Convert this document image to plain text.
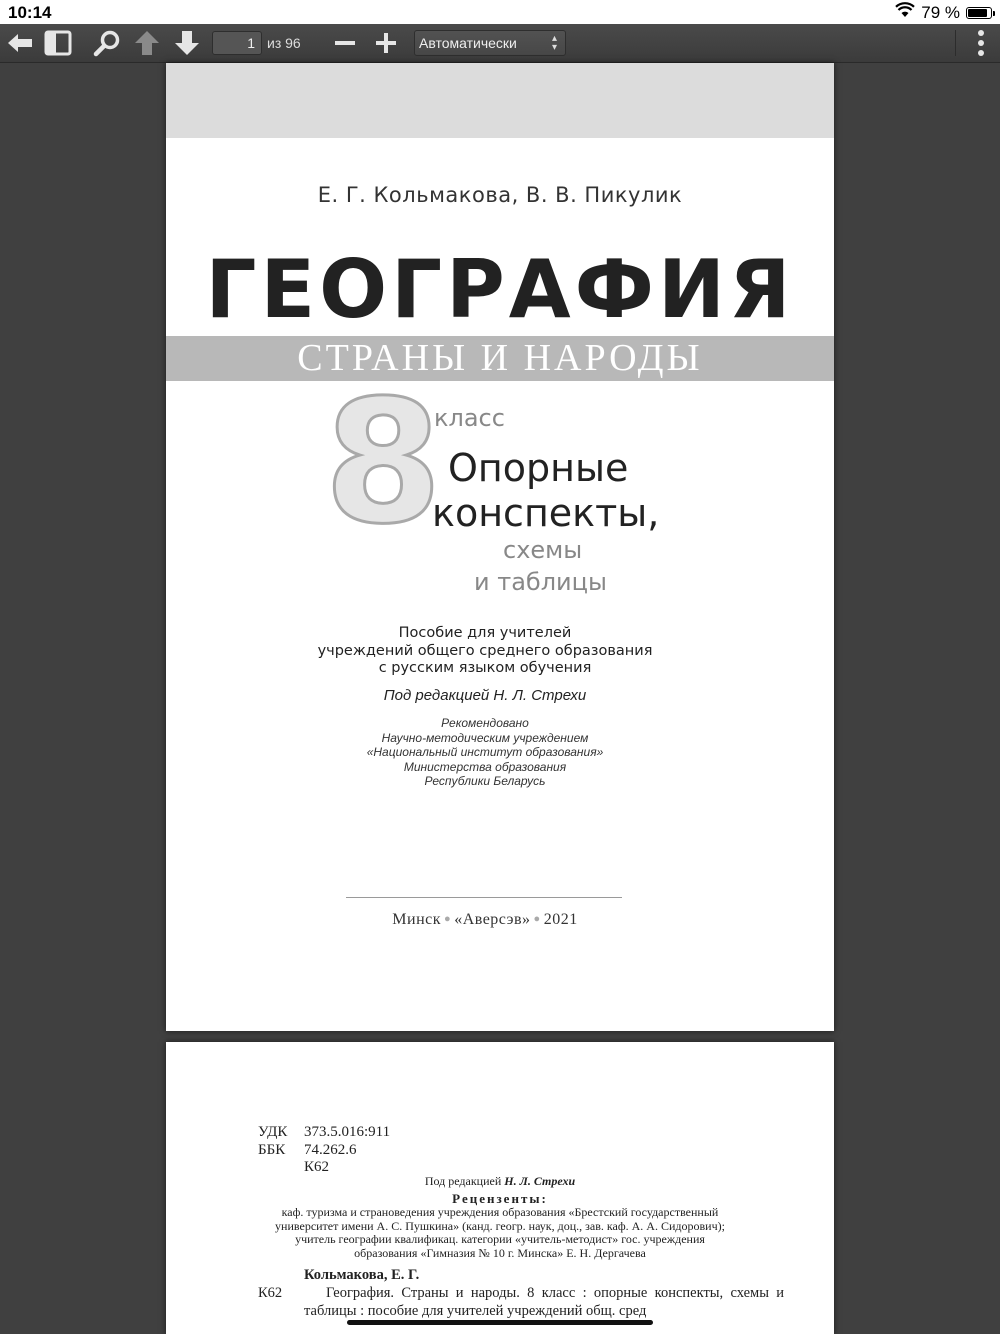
10:14	79 %
1 из 96	Автоматически	▴
▾
Е. Г. Кольмакова, В. В. Пикулик
ГЕОГРАФИЯ
СТРАНЫ И НАРОДЫ
8
класс
Опорные
конспекты,
схемы
и таблицы
Пособие для учителей
учреждений общего среднего образования
с русским языком обучения
Под редакцией Н. Л. Стрехи
Рекомендовано
Научно-методическим учреждением
«Национальный институт образования»
Министерства образования
Республики Беларусь
Минск ● «Аверсэв» ● 2021
УДК 373.5.016:911
ББК 74.262.6
К62
Под редакцией Н. Л. Стрехи
Рецензенты:
каф. туризма и страноведения учреждения образования «Брестский государственный
университет имени А. С. Пушкина» (канд. геогр. наук, доц., зав. каф. А. А. Сидорович);
учитель географии квалификац. категории «учитель-методист» гос. учреждения
образования «Гимназия № 10 г. Минска» Е. Н. Дергачева
Кольмакова, Е. Г.
К62	География. Страны и народы. 8 класс : опорные конспекты, схемы и таблицы : пособие для учителей учреждений общ. сред
